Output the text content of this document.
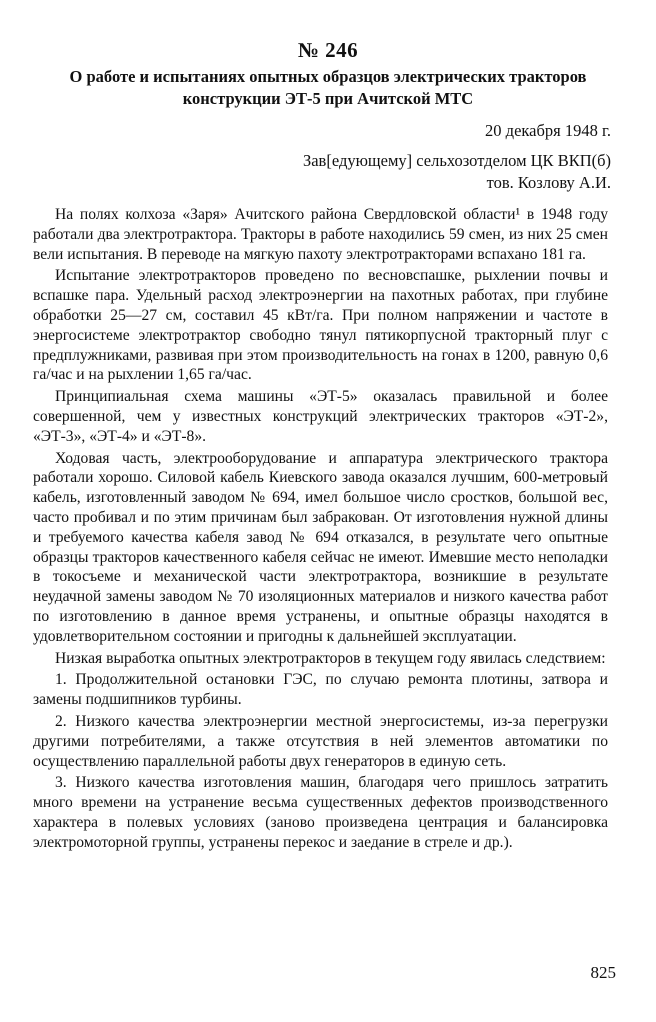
№ 246
О работе и испытаниях опытных образцов электрических тракторов
конструкции ЭТ-5 при Ачитской МТС
20 декабря 1948 г.
Зав[едующему] сельхозотделом ЦК ВКП(б)
тов. Козлову А.И.

На полях колхоза «Заря» Ачитского района Свердловской области¹ в 1948 году работали два электротрактора. Тракторы в работе находились 59 смен, из них 25 смен вели испытания. В переводе на мягкую пахоту электротракторами вспахано 181 га.

Испытание электротракторов проведено по весновспашке, рыхлении почвы и вспашке пара. Удельный расход электроэнергии на пахотных работах, при глубине обработки 25—27 см, составил 45 кВт/га. При полном напряжении и частоте в энергосистеме электротрактор свободно тянул пятикорпусной тракторный плуг с предплужниками, развивая при этом производительность на гонах в 1200, равную 0,6 га/час и на рыхлении 1,65 га/час.

Принципиальная схема машины «ЭТ-5» оказалась правильной и более совершенной, чем у известных конструкций электрических тракторов «ЭТ-2», «ЭТ-3», «ЭТ-4» и «ЭТ-8».

Ходовая часть, электрооборудование и аппаратура электрического трактора работали хорошо. Силовой кабель Киевского завода оказался лучшим, 600-метровый кабель, изготовленный заводом № 694, имел большое число сростков, большой вес, часто пробивал и по этим причинам был забракован. От изготовления нужной длины и требуемого качества кабеля завод № 694 отказался, в результате чего опытные образцы тракторов качественного кабеля сейчас не имеют. Имевшие место неполадки в токосъеме и механической части электротрактора, возникшие в результате неудачной замены заводом № 70 изоляционных материалов и низкого качества работ по изготовлению в данное время устранены, и опытные образцы находятся в удовлетворительном состоянии и пригодны к дальнейшей эксплуатации.

Низкая выработка опытных электротракторов в текущем году явилась следствием:

1. Продолжительной остановки ГЭС, по случаю ремонта плотины, затвора и замены подшипников турбины.

2. Низкого качества электроэнергии местной энергосистемы, из-за перегрузки другими потребителями, а также отсутствия в ней элементов автоматики по осуществлению параллельной работы двух генераторов в единую сеть.

3. Низкого качества изготовления машин, благодаря чего пришлось затратить много времени на устранение весьма существенных дефектов производственного характера в полевых условиях (заново произведена центрация и балансировка электромоторной группы, устранены перекос и заедание в стреле и др.).

825
